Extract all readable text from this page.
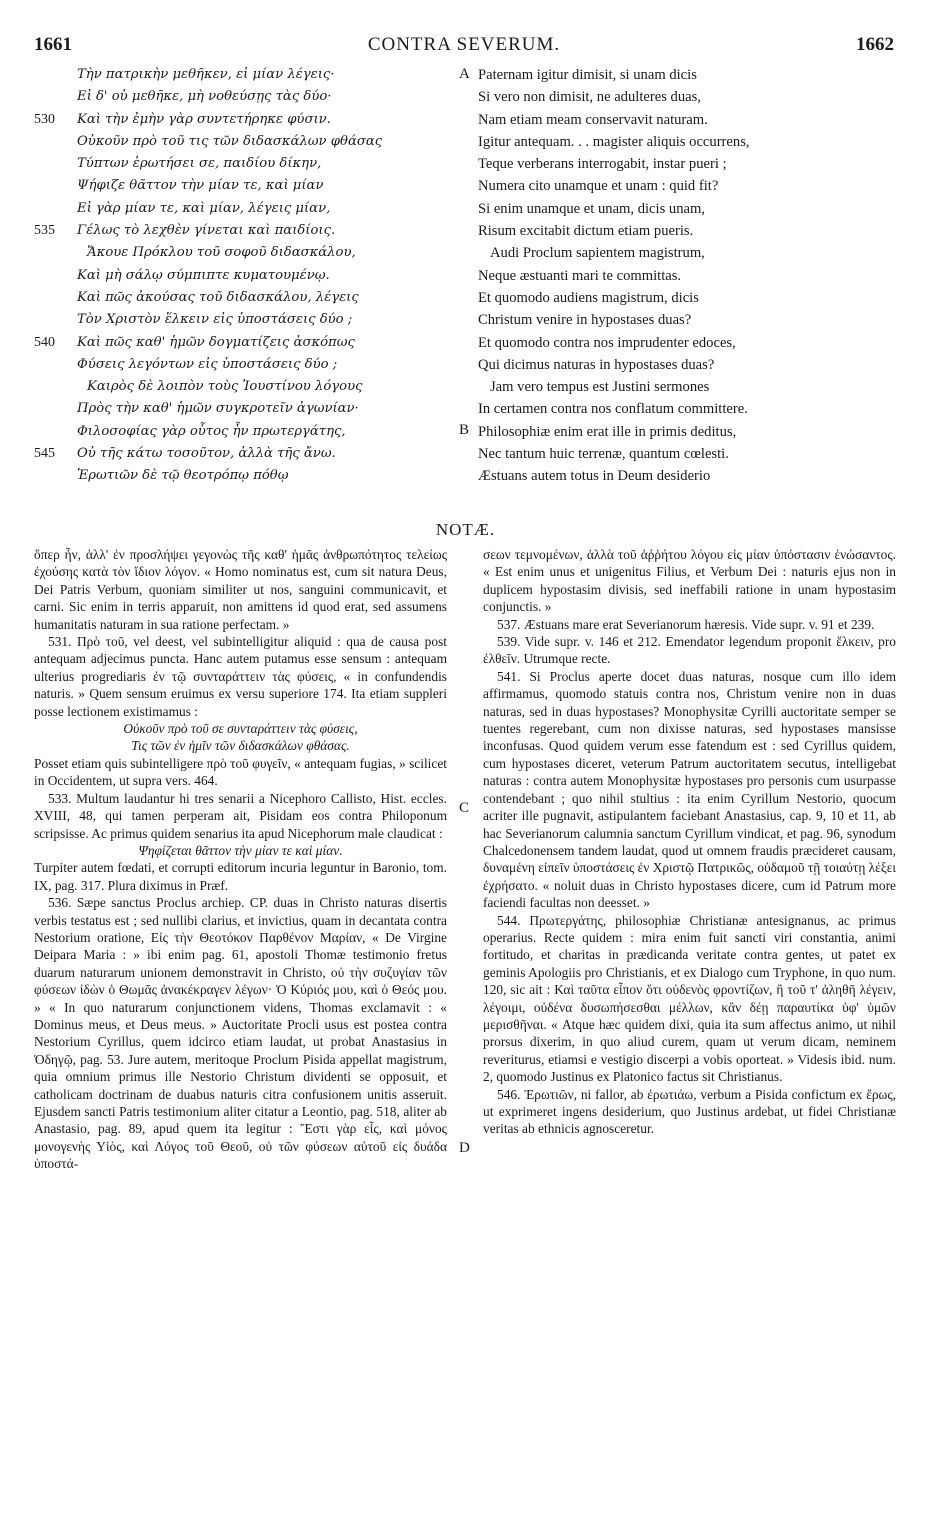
1661	CONTRA SEVERUM.	1662
A
B
C
D
Τὴν πατρικὴν μεθῆκεν, εἰ μίαν λέγεις·
Εἰ δ' οὐ μεθῆκε, μὴ νοθεύσῃς τὰς δύο·
530	Καὶ τὴν ἐμὴν γὰρ συντετήρηκε φύσιν.
Οὐκοῦν πρὸ τοῦ τις τῶν διδασκάλων φθάσας
Τύπτων ἐρωτήσει σε, παιδίου δίκην,
Ψήφιζε θᾶττον τὴν μίαν τε, καὶ μίαν
Εἰ γὰρ μίαν τε, καὶ μίαν, λέγεις μίαν,
535	Γέλως τὸ λεχθὲν γίνεται καὶ παιδίοις.
Ἄκουε Πρόκλου τοῦ σοφοῦ διδασκάλου,
Καὶ μὴ σάλῳ σύμπιπτε κυματουμένῳ.
Καὶ πῶς ἀκούσας τοῦ διδασκάλου, λέγεις
Τὸν Χριστὸν ἕλκειν εἰς ὑποστάσεις δύο ;
540	Καὶ πῶς καθ' ἡμῶν δογματίζεις ἀσκόπως
Φύσεις λεγόντων εἰς ὑποστάσεις δύο ;
Καιρὸς δὲ λοιπὸν τοὺς Ἰουστίνου λόγους
Πρὸς τὴν καθ' ἡμῶν συγκροτεῖν ἀγωνίαν·
Φιλοσοφίας γὰρ οὗτος ἦν πρωτεργάτης,
545	Οὐ τῆς κάτω τοσοῦτον, ἀλλὰ τῆς ἄνω.
Ἐρωτιῶν δὲ τῷ θεοτρόπῳ πόθῳ
Paternam igitur dimisit, si unam dicis
Si vero non dimisit, ne adulteres duas,
Nam etiam meam conservavit naturam.
Igitur antequam. . . magister aliquis occurrens,
Teque verberans interrogabit, instar pueri ;
Numera cito unamque et unam : quid fit?
Si enim unamque et unam, dicis unam,
Risum excitabit dictum etiam pueris.
Audi Proclum sapientem magistrum,
Neque æstuanti mari te committas.
Et quomodo audiens magistrum, dicis
Christum venire in hypostases duas?
Et quomodo contra nos imprudenter edoces,
Qui dicimus naturas in hypostases duas?
Jam vero tempus est Justini sermones
In certamen contra nos conflatum committere.
Philosophiæ enim erat ille in primis deditus,
Nec tantum huic terrenæ, quantum cœlesti.
Æstuans autem totus in Deum desiderio
NOTÆ.

ὅπερ ἦν, ἀλλ' ἐν προσλήψει γεγονὼς τῆς καθ' ἡμᾶς ἀνθρωπότητος τελείως ἐχούσης κατὰ τὸν ἴδιον λόγον. « Homo nominatus est, cum sit natura Deus, Dei Patris Verbum, quoniam similiter ut nos, sanguini communicavit, et carni. Sic enim in terris apparuit, non amittens id quod erat, sed assumens humanitatis naturam in sua ratione perfectam. »

531. Πρὸ τοῦ, vel deest, vel subintelligitur aliquid : qua de causa post antequam adjecimus puncta. Hanc autem putamus esse sensum : antequam ulterius progrediaris ἐν τῷ συνταράττειν τὰς φύσεις, « in confundendis naturis. » Quem sensum eruimus ex versu superiore 174. Ita etiam suppleri posse lectionem existimamus :

Οὐκοῦν πρὸ τοῦ σε συνταράττειν τὰς φύσεις,

Τις τῶν ἐν ἡμῖν τῶν διδασκάλων φθάσας.

Posset etiam quis subintelligere πρὸ τοῦ φυγεῖν, « antequam fugias, » scilicet in Occidentem, ut supra vers. 464.

533. Multum laudantur hi tres senarii a Nicephoro Callisto, Hist. eccles. XVIII, 48, qui tamen perperam ait, Pisidam eos contra Philoponum scripsisse. Ac primus quidem senarius ita apud Nicephorum male claudicat :

Ψηφίζεται θᾶττον τὴν μίαν τε καὶ μίαν.

Turpiter autem fœdati, et corrupti editorum incuria leguntur in Baronio, tom. IX, pag. 317. Plura diximus in Præf.

536. Sæpe sanctus Proclus archiep. CP. duas in Christo naturas disertis verbis testatus est ; sed nullibi clarius, et invictius, quam in decantata contra Nestorium oratione, Εἰς τὴν Θεοτόκον Παρθένον Μαρίαν, « De Virgine Deipara Maria : » ibi enim pag. 61, apostoli Thomæ testimonio fretus duarum naturarum unionem demonstravit in Christo, οὐ τὴν συζυγίαν τῶν φύσεων ἰδὼν ὁ Θωμᾶς ἀνακέκραγεν λέγων· Ὁ Κύριός μου, καὶ ὁ Θεός μου. » « In quo naturarum conjunctionem videns, Thomas exclamavit : « Dominus meus, et Deus meus. » Auctoritate Procli usus est postea contra Nestorium Cyrillus, quem idcirco etiam laudat, ut probat Anastasius in Ὁδηγῷ, pag. 53. Jure autem, meritoque Proclum Pisida appellat magistrum, quia omnium primus ille Nestorio Christum dividenti se opposuit, et catholicam doctrinam de duabus naturis citra confusionem unitis asseruit. Ejusdem sancti Patris testimonium aliter citatur a Leontio, pag. 518, aliter ab Anastasio, pag. 89, apud quem ita legitur : Ἔστι γὰρ εἷς, καὶ μόνος μονογενὴς Υἱὸς, καὶ Λόγος τοῦ Θεοῦ, οὐ τῶν φύσεων αὐτοῦ εἰς δυάδα ὑποστά-

σεων τεμνομένων, ἀλλὰ τοῦ ἀῤῥήτου λόγου εἰς μίαν ὑπόστασιν ἑνώσαντος. « Est enim unus et unigenitus Filius, et Verbum Dei : naturis ejus non in duplicem hypostasim divisis, sed ineffabili ratione in unam hypostasim conjunctis. »

537. Æstuans mare erat Severianorum hæresis. Vide supr. v. 91 et 239.

539. Vide supr. v. 146 et 212. Emendator legendum proponit ἕλκειν, pro ἐλθεῖν. Utrumque recte.

541. Si Proclus aperte docet duas naturas, nosque cum illo idem affirmamus, quomodo statuis contra nos, Christum venire non in duas naturas, sed in duas hypostases? Monophysitæ Cyrilli auctoritate semper se tuentes regerebant, cum non dixisse naturas, sed hypostases mansisse inconfusas. Quod quidem verum esse fatendum est : sed Cyrillus quidem, cum hypostases diceret, veterum Patrum auctoritatem secutus, intelligebat naturas : contra autem Monophysitæ hypostases pro personis cum usurpasse contendebant ; quo nihil stultius : ita enim Cyrillum Nestorio, quocum acriter ille pugnavit, astipulantem faciebant Anastasius, cap. 9, 10 et 11, ab hac Severianorum calumnia sanctum Cyrillum vindicat, et pag. 96, synodum Chalcedonensem tandem laudat, quod ut omnem fraudis præcideret causam, δυναμένη εἰπεῖν ὑποστάσεις ἐν Χριστῷ Πατρικῶς, οὐδαμοῦ τῇ τοιαύτῃ λέξει ἐχρήσατο. « noluit duas in Christo hypostases dicere, cum id Patrum more faciendi facultas non deesset. »

544. Πρωτεργάτης, philosophiæ Christianæ antesignanus, ac primus operarius. Recte quidem : mira enim fuit sancti viri constantia, animi fortitudo, et charitas in prædicanda veritate contra gentes, ut patet ex geminis Apologiis pro Christianis, et ex Dialogo cum Tryphone, in quo num. 120, sic ait : Καὶ ταῦτα εἶπον ὅτι οὐδενὸς φροντίζων, ἢ τοῦ τ' ἀληθῆ λέγειν, λέγοιμι, οὐδένα δυσωπήσεσθαι μέλλων, κἂν δέῃ παραυτίκα ὑφ' ὑμῶν μερισθῆναι. « Atque hæc quidem dixi, quia ita sum affectus animo, ut nihil prorsus dixerim, in quo aliud curem, quam ut verum dicam, neminem reveriturus, etiamsi e vestigio discerpi a vobis oporteat. » Videsis ibid. num. 2, quomodo Justinus ex Platonico factus sit Christianus.

546. Ἐρωτιῶν, ni fallor, ab ἐρωτιάω, verbum a Pisida confictum ex ἔρως, ut exprimeret ingens desiderium, quo Justinus ardebat, ut fidei Christianæ veritas ab ethnicis agnosceretur.
